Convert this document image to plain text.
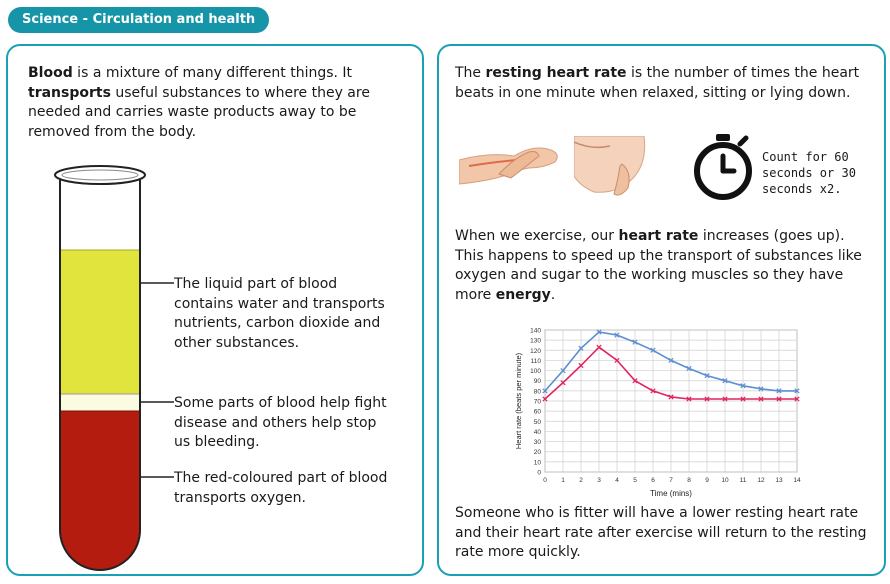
Science - Circulation and health
Blood is a mixture of many different things. It transports useful substances to where they are needed and carries waste products away to be removed from the body.
The liquid part of blood contains water and transports nutrients, carbon dioxide and other substances.
Some parts of blood help fight disease and others help stop us bleeding.
The red-coloured part of blood transports oxygen.
The resting heart rate is the number of times the heart beats in one minute when relaxed, sitting or lying down.
Count for 60 seconds or 30 seconds x2.
When we exercise, our heart rate increases (goes up). This happens to speed up the transport of substances like oxygen and sugar to the working muscles so they have more energy.
0 1 2 3 4 5 6 7 8 9 10 11 12 13 14
0
10
20
30
40
50
60
70
80
90
100
110
120
130
140
Time (mins)
Heart rate (beats per minute)
Someone who is fitter will have a lower resting heart rate and their heart rate after exercise will return to the resting rate more quickly.
